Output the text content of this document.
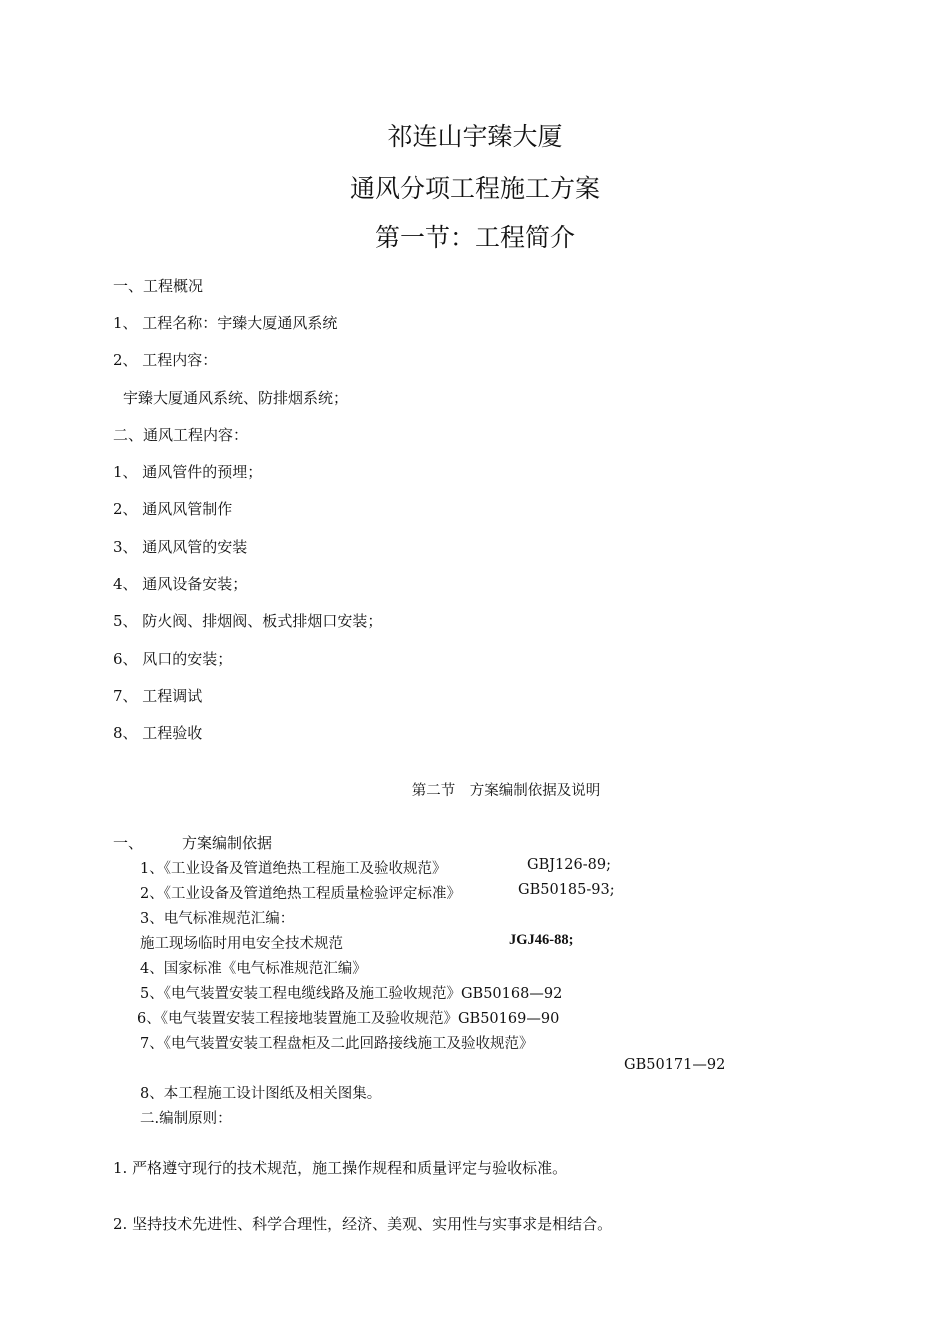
祁连山宇臻大厦
通风分项工程施工方案
第一节：工程简介
一、工程概况
1、 工程名称：宇臻大厦通风系统
2、 工程内容：
宇臻大厦通风系统、防排烟系统；
二、通风工程内容：
1、 通风管件的预埋；
2、 通风风管制作
3、 通风风管的安装
4、 通风设备安装；
5、 防火阀、排烟阀、板式排烟口安装；
6、 风口的安装；
7、 工程调试
8、 工程验收
第二节　方案编制依据及说明
一、	方案编制依据
1、《工业设备及管道绝热工程施工及验收规范》	GBJ126-89;
2、《工业设备及管道绝热工程质量检验评定标准》	GB50185-93;
3、电气标准规范汇编：
施工现场临时用电安全技术规范	JGJ46-88;
4、国家标准《电气标准规范汇编》
5、《电气装置安装工程电缆线路及施工验收规范》GB50168—92
6、《电气装置安装工程接地装置施工及验收规范》GB50169—90
7、《电气装置安装工程盘柜及二此回路接线施工及验收规范》
GB50171—92
8、本工程施工设计图纸及相关图集。
二.编制原则：
1. 严格遵守现行的技术规范，施工操作规程和质量评定与验收标准。
2. 坚持技术先进性、科学合理性，经济、美观、实用性与实事求是相结合。
